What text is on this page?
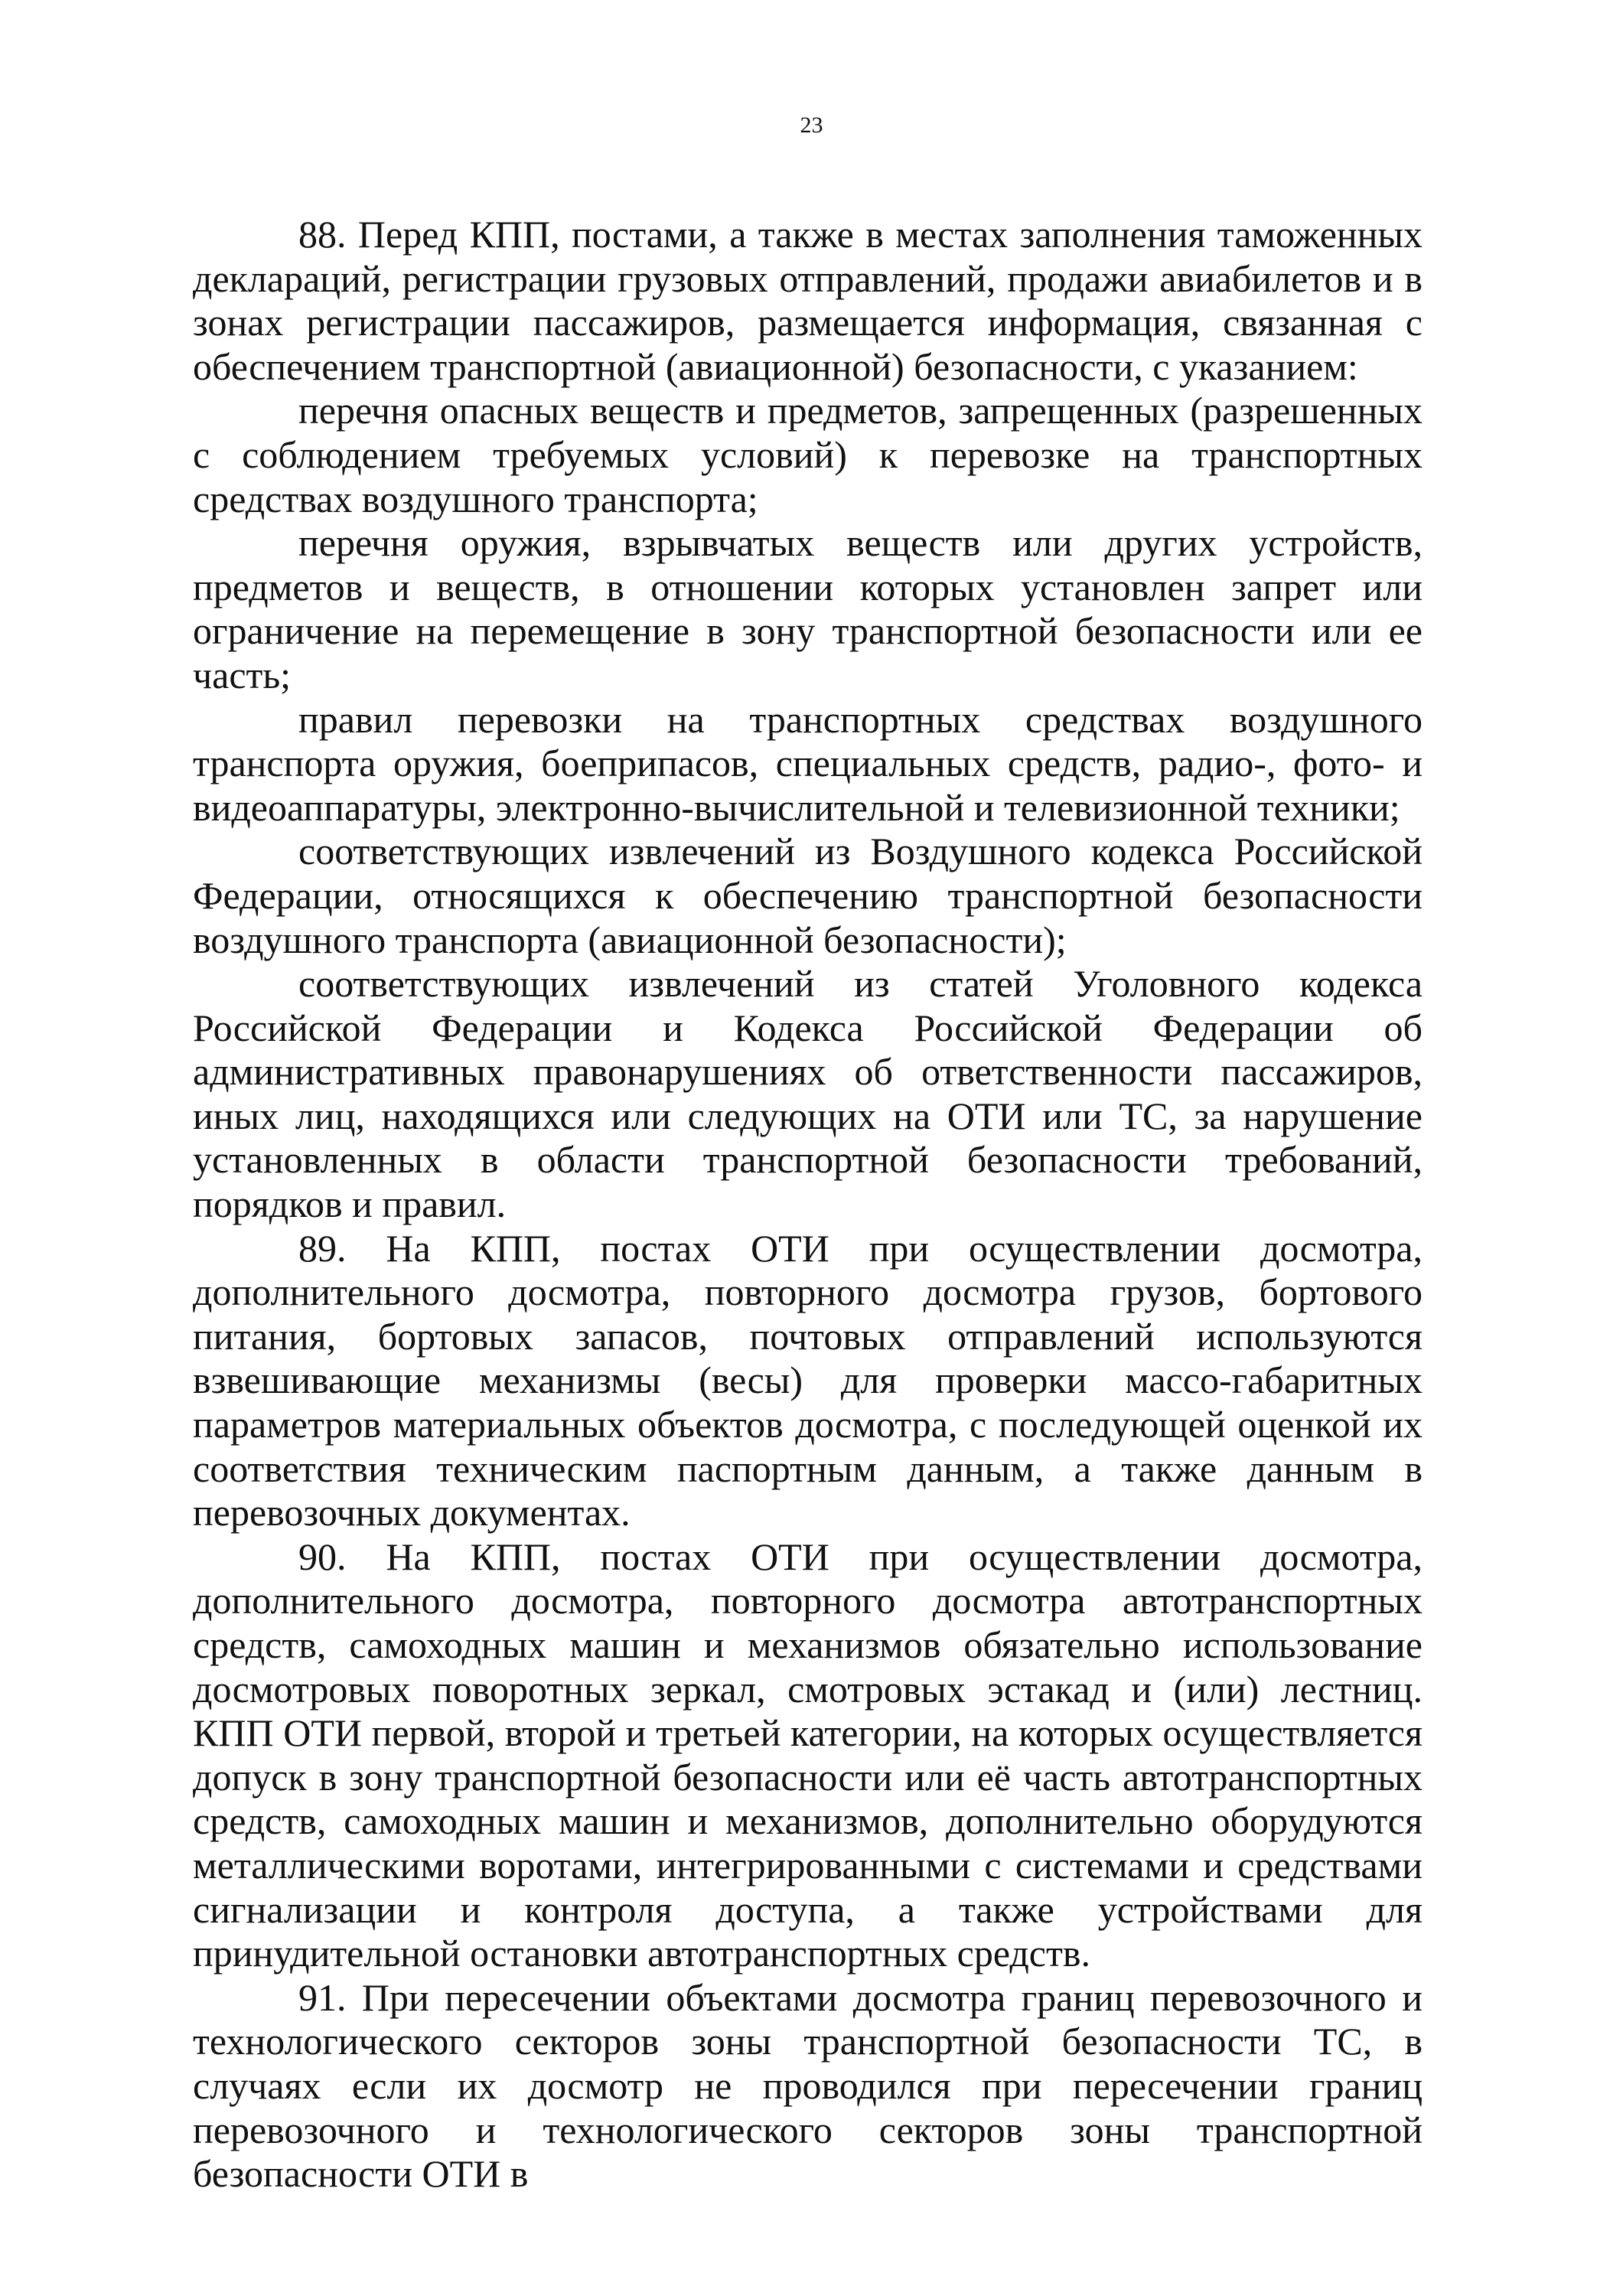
23

88. Перед КПП, постами, а также в местах заполнения таможенных деклараций, регистрации грузовых отправлений, продажи авиабилетов и в зонах регистрации пассажиров, размещается информация, связанная с обеспечением транспортной (авиационной) безопасности, с указанием:

перечня опасных веществ и предметов, запрещенных (разрешенных с соблюдением требуемых условий) к перевозке на транспортных средствах воздушного транспорта;

перечня оружия, взрывчатых веществ или других устройств, предметов и веществ, в отношении которых установлен запрет или ограничение на перемещение в зону транспортной безопасности или ее часть;

правил перевозки на транспортных средствах воздушного транспорта оружия, боеприпасов, специальных средств, радио-, фото- и видеоаппаратуры, электронно-вычислительной и телевизионной техники;

соответствующих извлечений из Воздушного кодекса Российской Федерации, относящихся к обеспечению транспортной безопасности воздушного транспорта (авиационной безопасности);

соответствующих извлечений из статей Уголовного кодекса Российской Федерации и Кодекса Российской Федерации об административных правонарушениях об ответственности пассажиров, иных лиц, находящихся или следующих на ОТИ или ТС, за нарушение установленных в области транспортной безопасности требований, порядков и правил.

89. На КПП, постах ОТИ при осуществлении досмотра, дополнительного досмотра, повторного досмотра грузов, бортового питания, бортовых запасов, почтовых отправлений используются взвешивающие механизмы (весы) для проверки массо-габаритных параметров материальных объектов досмотра, с последующей оценкой их соответствия техническим паспортным данным, а также данным в перевозочных документах.

90. На КПП, постах ОТИ при осуществлении досмотра, дополнительного досмотра, повторного досмотра автотранспортных средств, самоходных машин и механизмов обязательно использование досмотровых поворотных зеркал, смотровых эстакад и (или) лестниц. КПП ОТИ первой, второй и третьей категории, на которых осуществляется допуск в зону транспортной безопасности или её часть автотранспортных средств, самоходных машин и механизмов, дополнительно оборудуются металлическими воротами, интегрированными с системами и средствами сигнализации и контроля доступа, а также устройствами для принудительной остановки автотранспортных средств.

91. При пересечении объектами досмотра границ перевозочного и технологического секторов зоны транспортной безопасности ТС, в случаях если их досмотр не проводился при пересечении границ перевозочного и технологического секторов зоны транспортной безопасности ОТИ в
